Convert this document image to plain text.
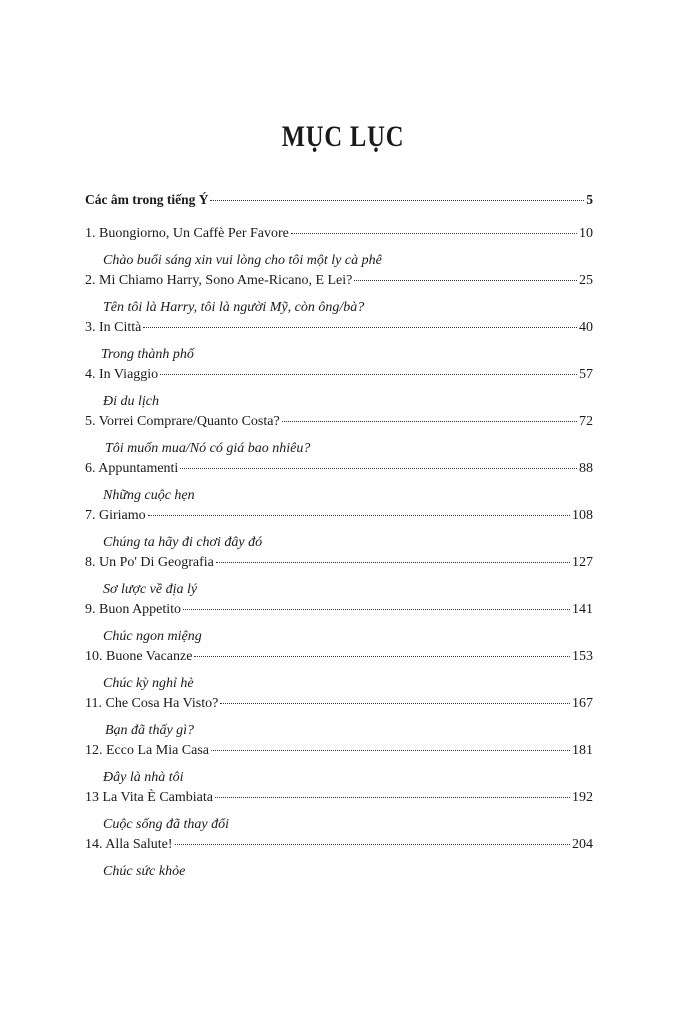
MỤC LỤC
Các âm trong tiếng Ý	5
1. Buongiorno, Un Caffè Per Favore	10
Chào buổi sáng xin vui lòng cho tôi một ly cà phê
2. Mi Chiamo Harry, Sono Ame-Ricano, E Lei?	25
Tên tôi là Harry, tôi là người Mỹ, còn ông/bà?
3. In Città	40
Trong thành phố
4. In Viaggio	57
Đi du lịch
5. Vorrei Comprare/Quanto Costa?	72
Tôi muốn mua/Nó có giá bao nhiêu?
6. Appuntamenti	88
Những cuộc hẹn
7. Giriamo	108
Chúng ta hãy đi chơi đây đó
8. Un Po' Di Geografia	127
Sơ lược về địa lý
9. Buon Appetito	141
Chúc ngon miệng
10. Buone Vacanze	153
Chúc kỳ nghỉ hè
11. Che Cosa Ha Visto?	167
Bạn đã thấy gì?
12. Ecco La Mia Casa	181
Đây là nhà tôi
13 La Vita È Cambiata	192
Cuộc sống đã thay đổi
14. Alla Salute!	204
Chúc sức khỏe
